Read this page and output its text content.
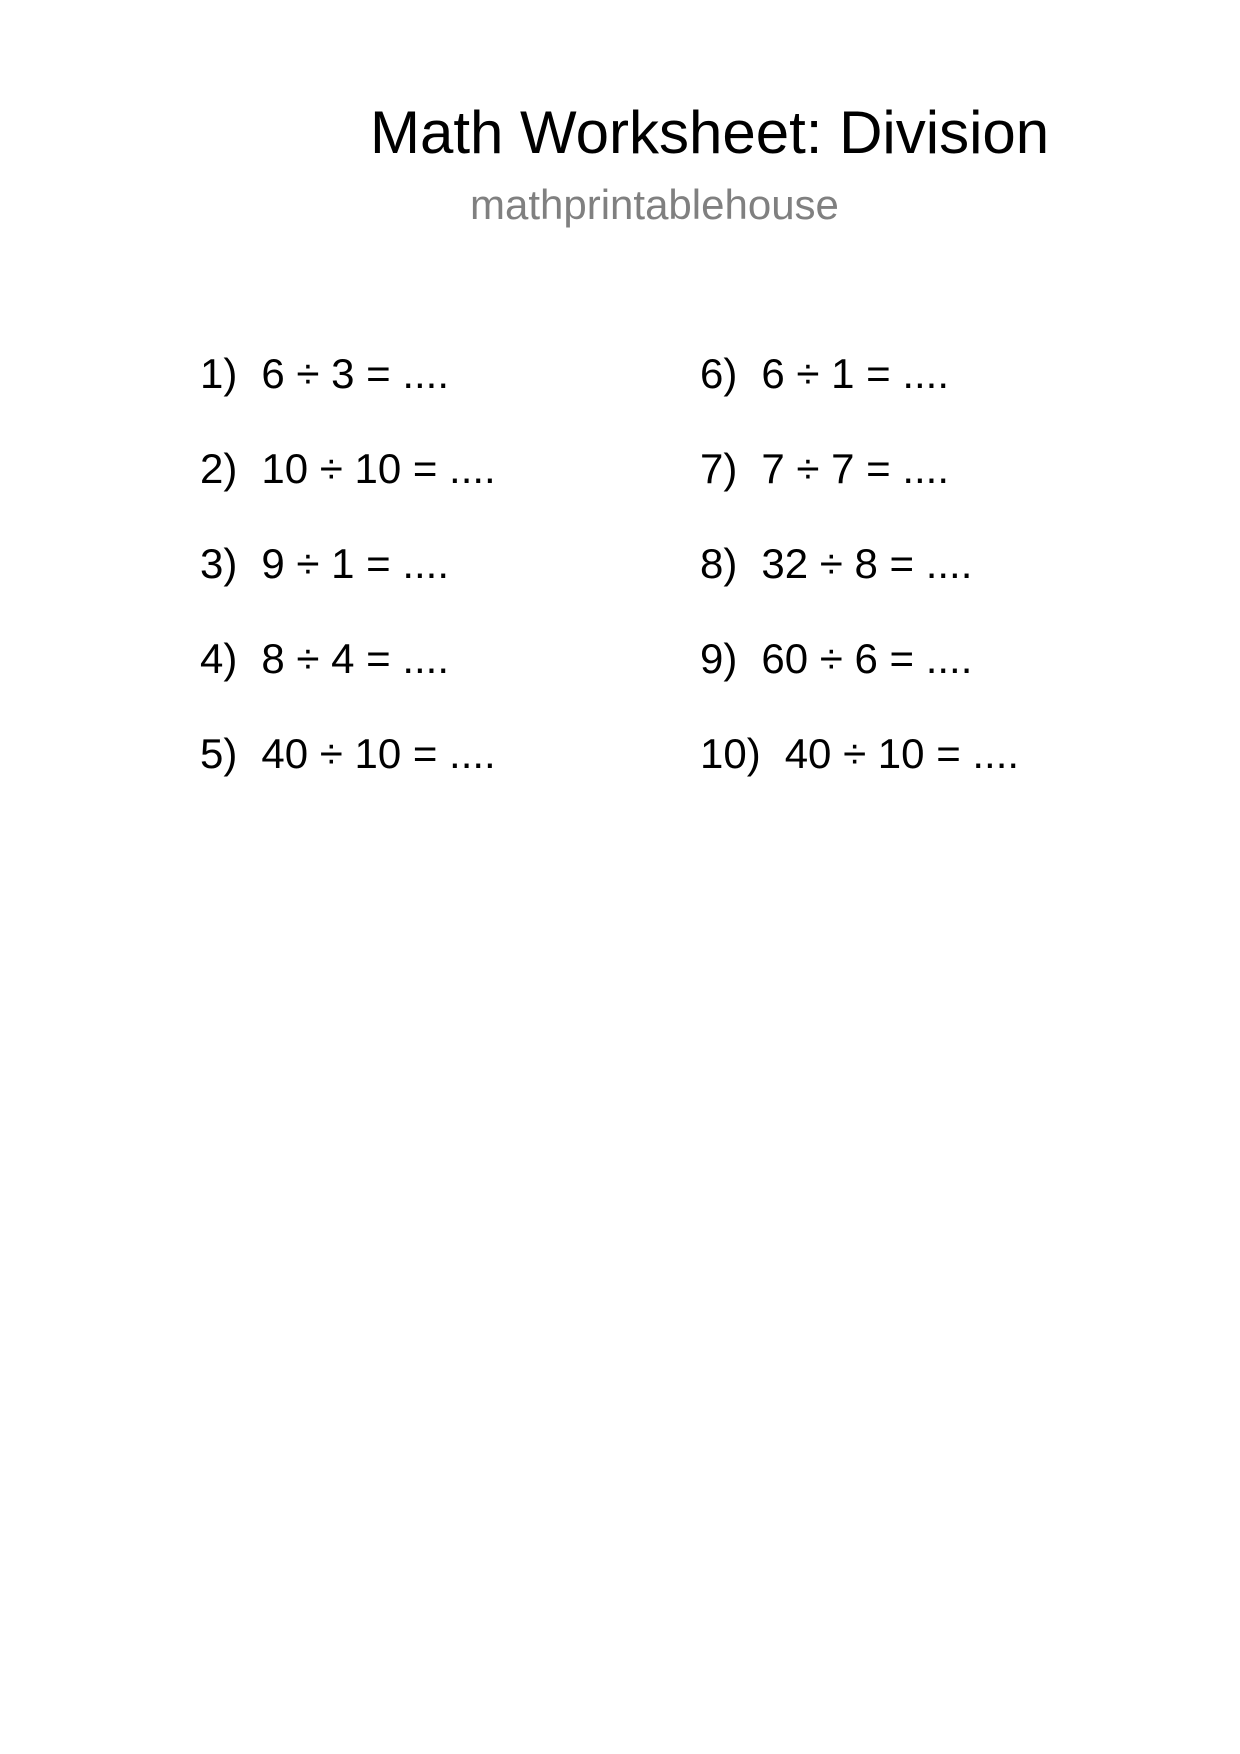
Math Worksheet: Division
mathprintablehouse
1) 6 ÷ 3 = ....
2) 10 ÷ 10 = ....
3) 9 ÷ 1 = ....
4) 8 ÷ 4 = ....
5) 40 ÷ 10 = ....
6) 6 ÷ 1 = ....
7) 7 ÷ 7 = ....
8) 32 ÷ 8 = ....
9) 60 ÷ 6 = ....
10) 40 ÷ 10 = ....
